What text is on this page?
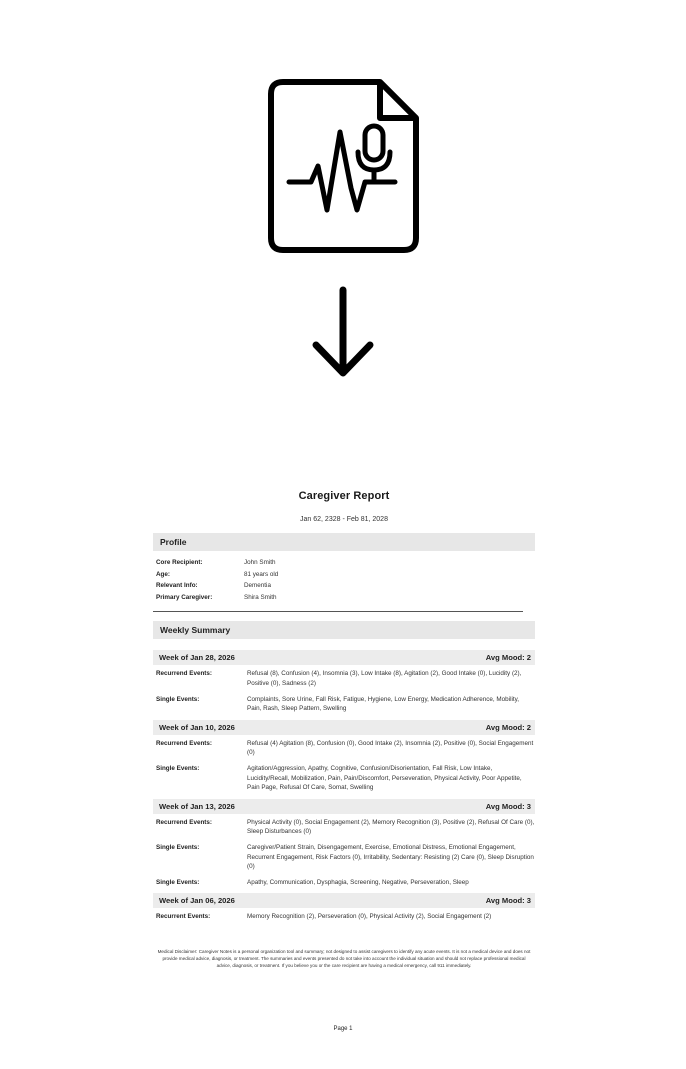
Caregiver Report
Jan 62, 2328 - Feb 81, 2028
Profile
Core Recipient:	John Smith
Age:	81 years old
Relevant Info:	Dementia
Primary Caregiver:	Shira Smith
Weekly Summary
Week of Jan 28, 2026	Avg Mood: 2
Recurrend Events:	Refusal (8), Confusion (4), Insomnia (3), Low Intake (8), Agitation (2), Good Intake (0), Lucidity (2), Positive (0), Sadness (2)
Single Events:	Complaints, Sore Urine, Fall Risk, Fatigue, Hygiene, Low Energy, Medication Adherence, Mobility, Pain, Rash, Sleep Pattern, Swelling
Week of Jan 10, 2026	Avg Mood: 2
Recurrend Events:	Refusal (4) Agitation (8), Confusion (0), Good Intake (2), Insomnia (2), Positive (0), Social Engagement (0)
Single Events:	Agitation/Aggression, Apathy, Cognitive, Confusion/Disorientation, Fall Risk, Low Intake, Lucidity/Recall, Mobilization, Pain, Pain/Discomfort, Perseveration, Physical Activity, Poor Appetite, Pain Page, Refusal Of Care, Somat, Swelling
Week of Jan 13, 2026	Avg Mood: 3
Recurrend Events:	Physical Activity (0), Social Engagement (2), Memory Recognition (3), Positive (2), Refusal Of Care (0), Sleep Disturbances (0)
Single Events:	Caregiver/Patient Strain, Disengagement, Exercise, Emotional Distress, Emotional Engagement, Recurrent Engagement, Risk Factors (0), Irritability, Sedentary: Resisting (2) Care (0), Sleep Disruption (0)
Single Events:	Apathy, Communication, Dysphagia, Screening, Negative, Perseveration, Sleep
Week of Jan 06, 2026	Avg Mood: 3
Recurrent Events:	Memory Recognition (2), Perseveration (0), Physical Activity (2), Social Engagement (2)
Medical Disclaimer: Caregiver Notes is a personal organization tool and summary; not designed to assist caregivers to identify any acute events. It is not a medical device and does not provide medical advice, diagnosis, or treatment. The summaries and events presented do not take into account the individual situation and should not replace professional medical advice, diagnosis, or treatment. If you believe you or the care recipient are having a medical emergency, call 911 immediately.
Page 1
